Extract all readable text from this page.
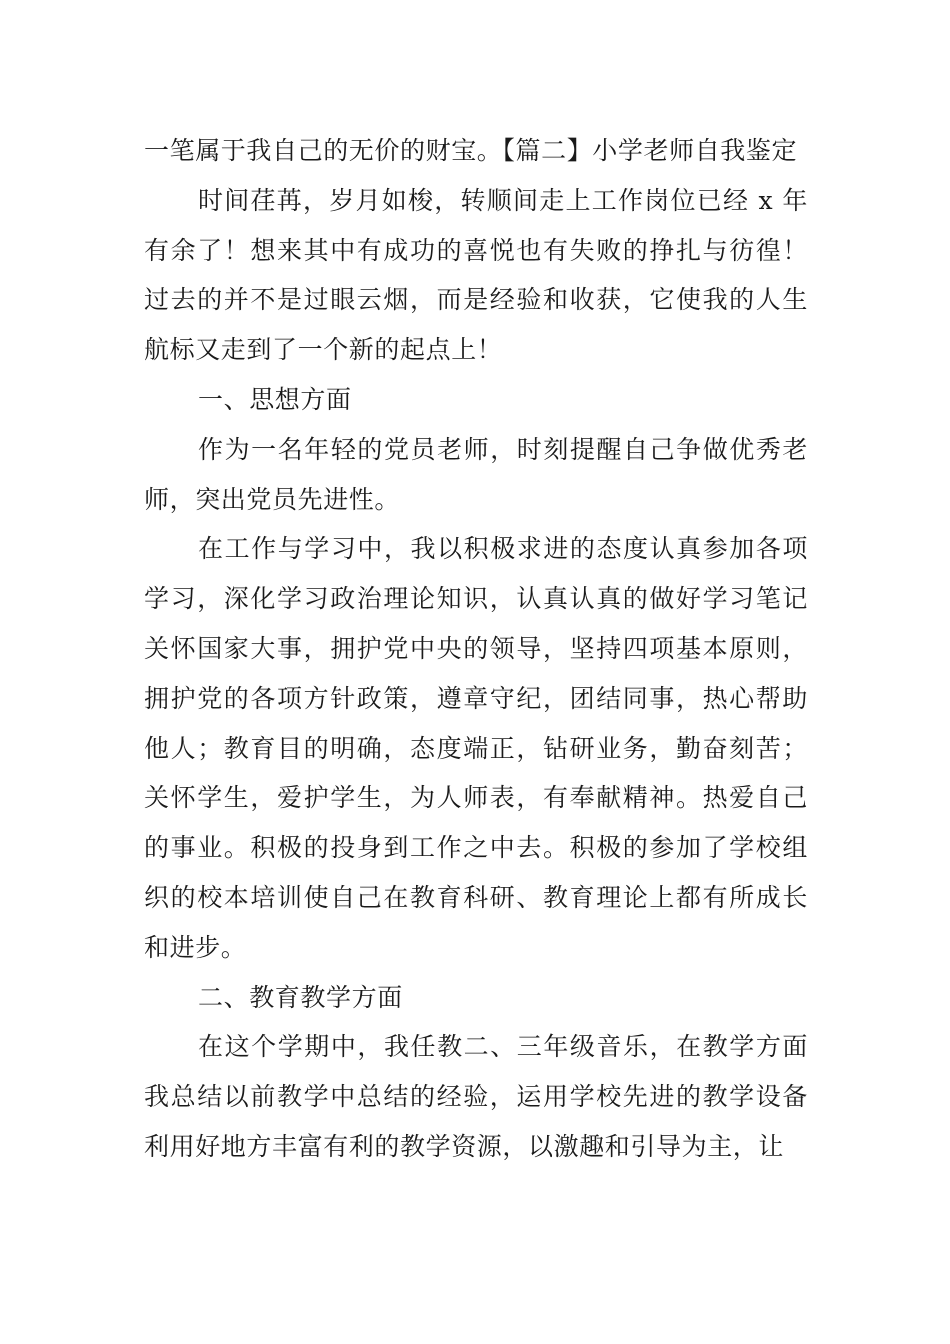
一笔属于我自己的无价的财宝。【篇二】小学老师自我鉴定

时间荏苒，岁月如梭，转顺间走上工作岗位已经 x 年有余了！想来其中有成功的喜悦也有失败的挣扎与彷徨！过去的并不是过眼云烟，而是经验和收获，它使我的人生航标又走到了一个新的起点上！

一、思想方面

作为一名年轻的党员老师，时刻提醒自己争做优秀老师，突出党员先进性。

在工作与学习中，我以积极求进的态度认真参加各项学习，深化学习政治理论知识，认真认真的做好学习笔记关怀国家大事，拥护党中央的领导，坚持四项基本原则，拥护党的各项方针政策，遵章守纪，团结同事，热心帮助他人；教育目的明确，态度端正，钻研业务，勤奋刻苦；关怀学生，爱护学生，为人师表，有奉献精神。热爱自己的事业。积极的投身到工作之中去。积极的参加了学校组织的校本培训使自己在教育科研、教育理论上都有所成长和进步。

二、教育教学方面

在这个学期中，我任教二、三年级音乐，在教学方面我总结以前教学中总结的经验，运用学校先进的教学设备利用好地方丰富有利的教学资源，以激趣和引导为主，让
